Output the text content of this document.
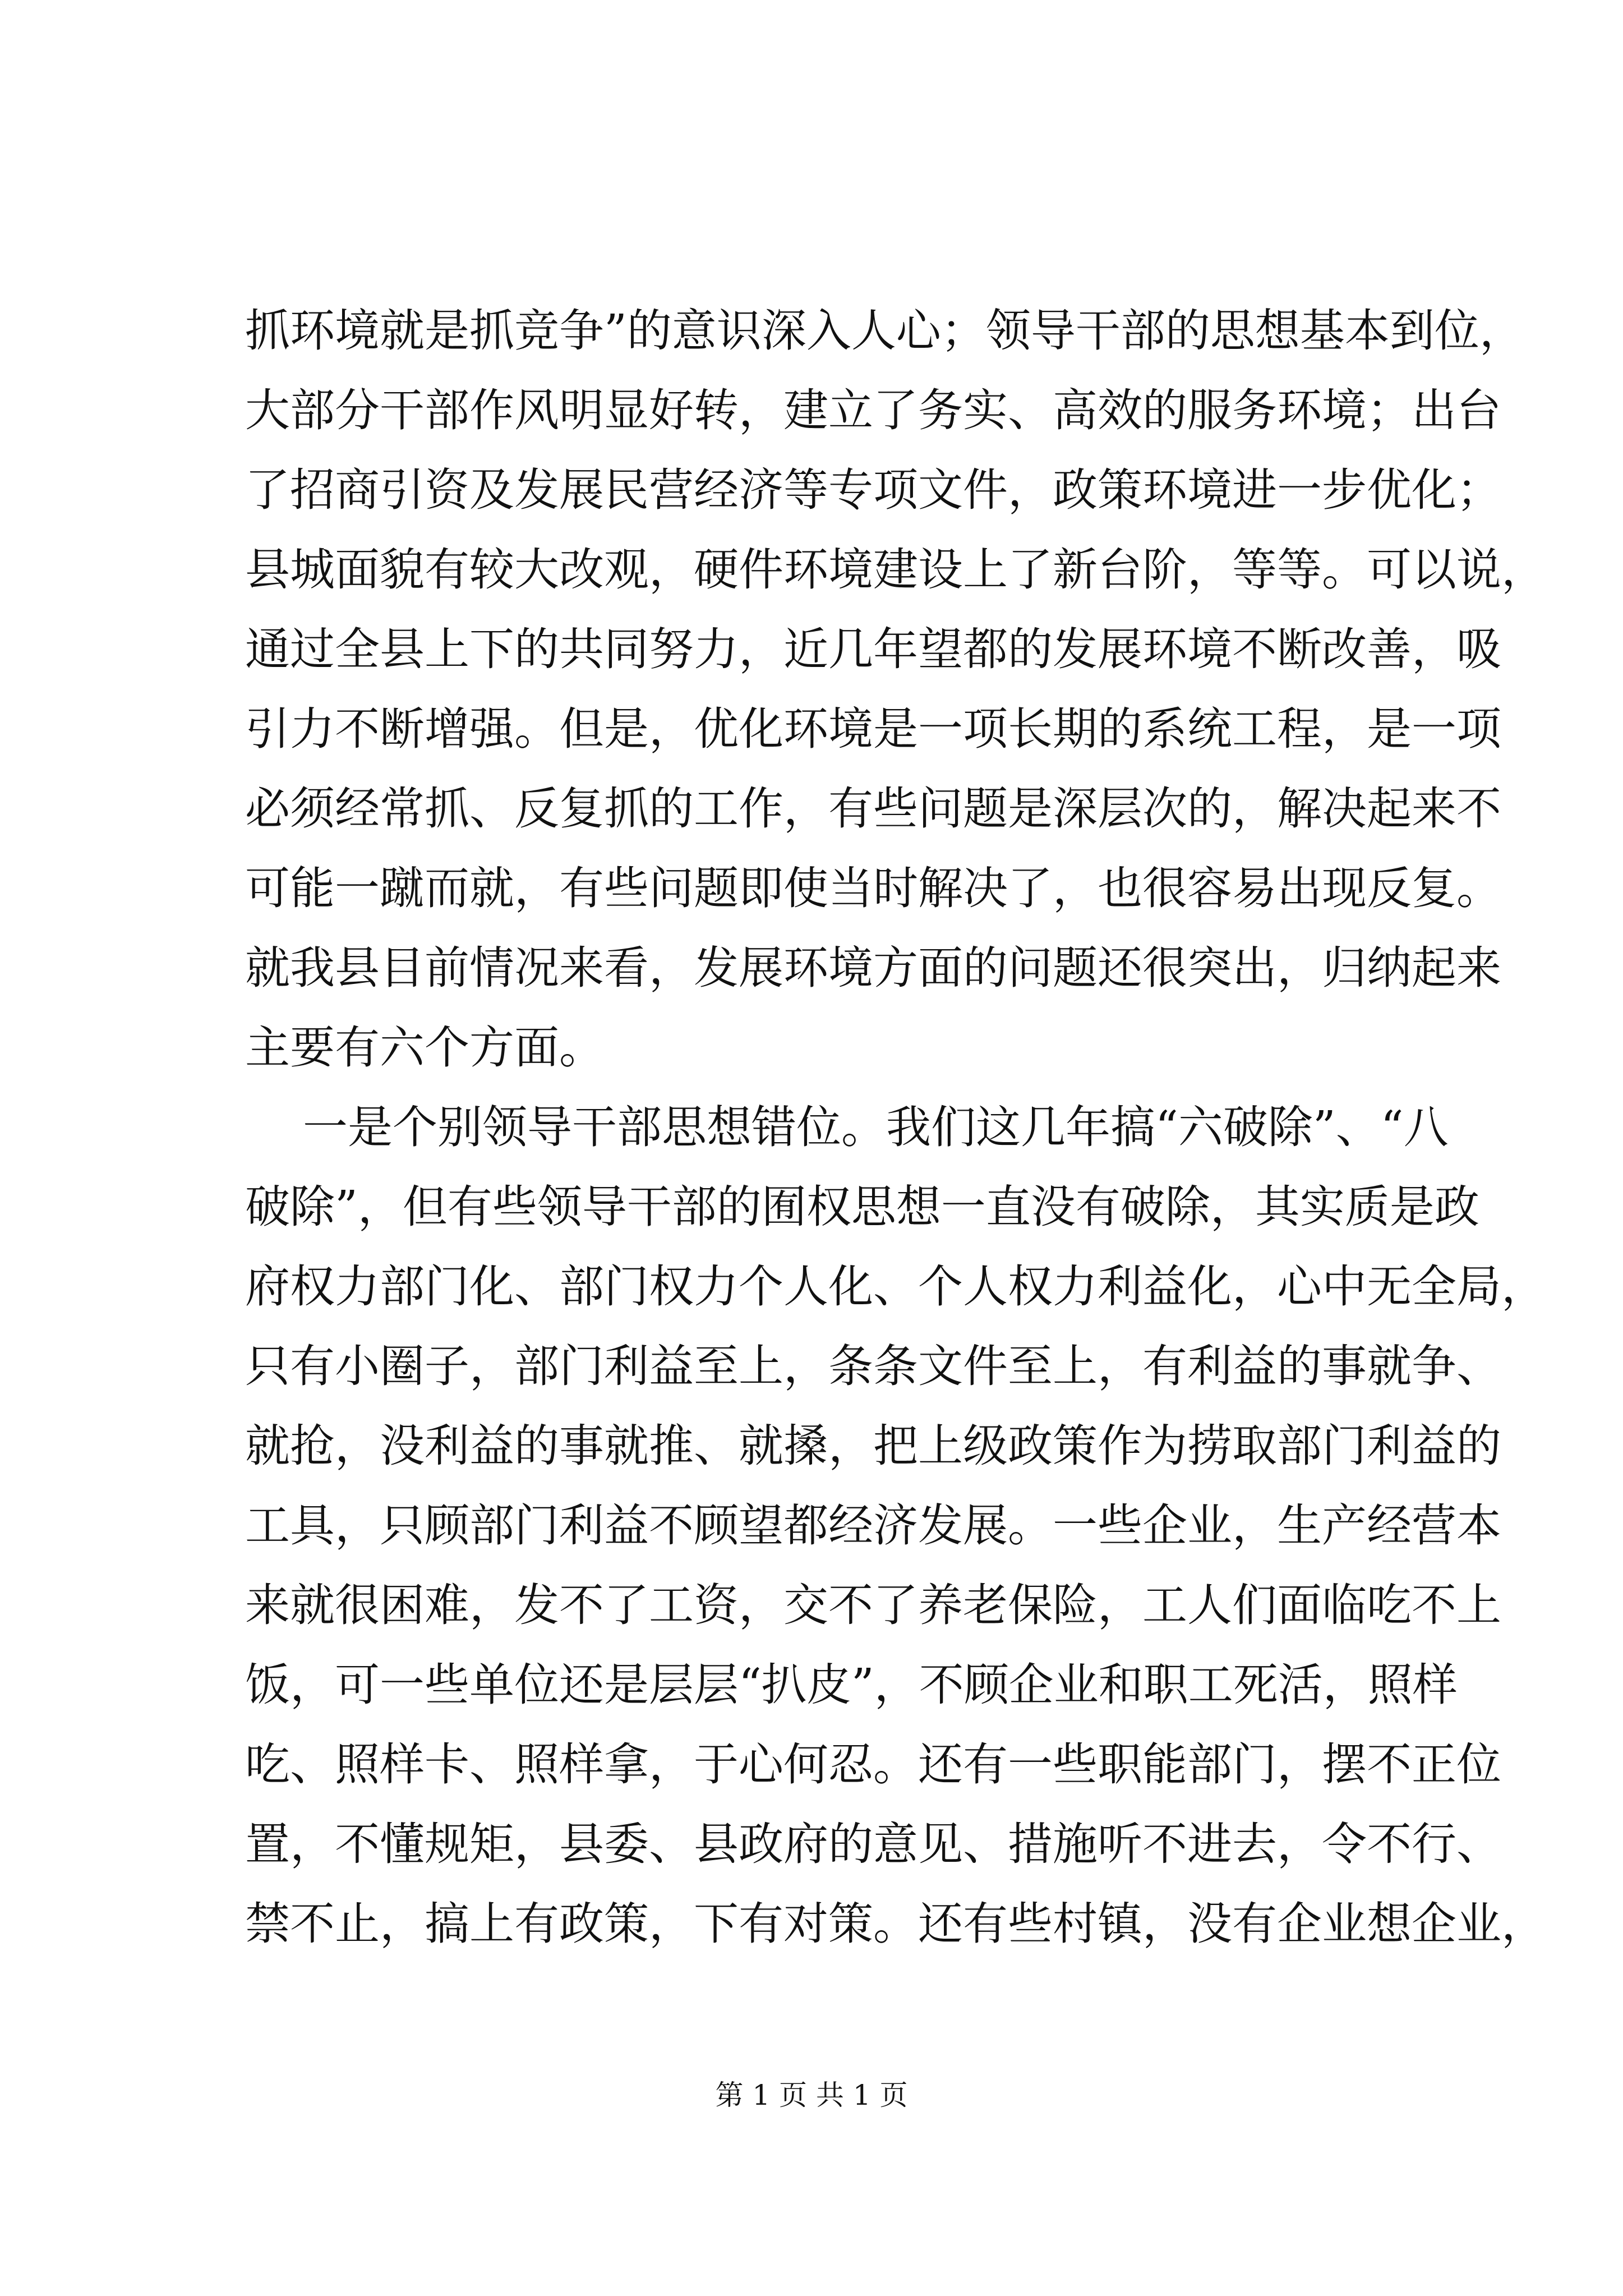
抓环境就是抓竞争”的意识深入人心；领导干部的思想基本到位，
大部分干部作风明显好转，建立了务实、高效的服务环境；出台
了招商引资及发展民营经济等专项文件，政策环境进一步优化；
县城面貌有较大改观，硬件环境建设上了新台阶，等等。可以说，
通过全县上下的共同努力，近几年望都的发展环境不断改善，吸
引力不断增强。但是，优化环境是一项长期的系统工程，是一项
必须经常抓、反复抓的工作，有些问题是深层次的，解决起来不
可能一蹴而就，有些问题即使当时解决了，也很容易出现反复。
就我县目前情况来看，发展环境方面的问题还很突出，归纳起来
主要有六个方面。
一是个别领导干部思想错位。我们这几年搞“六破除”、“八
破除”，但有些领导干部的囿权思想一直没有破除，其实质是政
府权力部门化、部门权力个人化、个人权力利益化，心中无全局，
只有小圈子，部门利益至上，条条文件至上，有利益的事就争、
就抢，没利益的事就推、就搡，把上级政策作为捞取部门利益的
工具，只顾部门利益不顾望都经济发展。一些企业，生产经营本
来就很困难，发不了工资，交不了养老保险，工人们面临吃不上
饭，可一些单位还是层层“扒皮”，不顾企业和职工死活，照样
吃、照样卡、照样拿，于心何忍。还有一些职能部门，摆不正位
置，不懂规矩，县委、县政府的意见、措施听不进去，令不行、
禁不止，搞上有政策，下有对策。还有些村镇，没有企业想企业，
第 1 页 共 1 页
